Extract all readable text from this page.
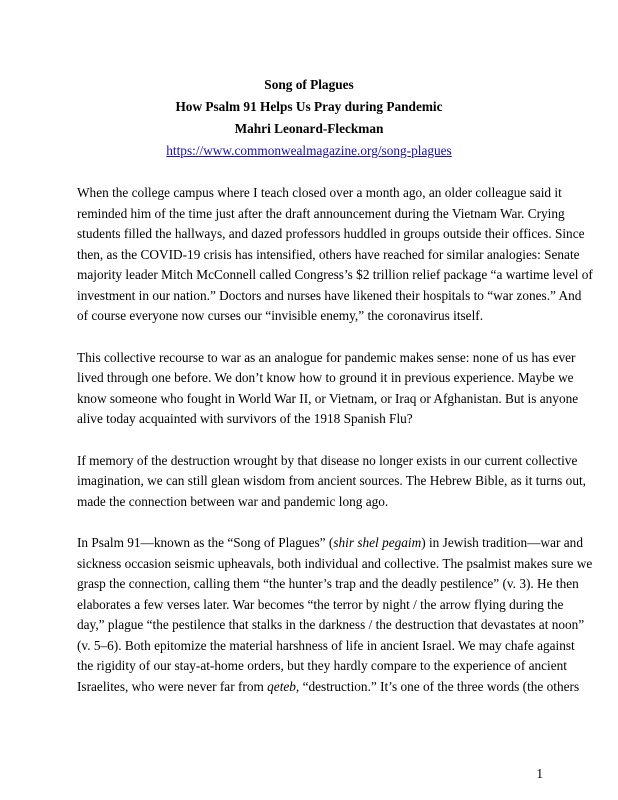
Song of Plagues
How Psalm 91 Helps Us Pray during Pandemic
Mahri Leonard-Fleckman
https://www.commonwealmagazine.org/song-plagues
When the college campus where I teach closed over a month ago, an older colleague said it
reminded him of the time just after the draft announcement during the Vietnam War. Crying
students filled the hallways, and dazed professors huddled in groups outside their offices. Since
then, as the COVID-19 crisis has intensified, others have reached for similar analogies: Senate
majority leader Mitch McConnell called Congress’s $2 trillion relief package “a wartime level of
investment in our nation.” Doctors and nurses have likened their hospitals to “war zones.” And
of course everyone now curses our “invisible enemy,” the coronavirus itself.
This collective recourse to war as an analogue for pandemic makes sense: none of us has ever
lived through one before. We don’t know how to ground it in previous experience. Maybe we
know someone who fought in World War II, or Vietnam, or Iraq or Afghanistan. But is anyone
alive today acquainted with survivors of the 1918 Spanish Flu?
If memory of the destruction wrought by that disease no longer exists in our current collective
imagination, we can still glean wisdom from ancient sources. The Hebrew Bible, as it turns out,
made the connection between war and pandemic long ago.
In Psalm 91—known as the “Song of Plagues” (shir shel pegaim) in Jewish tradition—war and
sickness occasion seismic upheavals, both individual and collective. The psalmist makes sure we
grasp the connection, calling them “the hunter’s trap and the deadly pestilence” (v. 3). He then
elaborates a few verses later. War becomes “the terror by night / the arrow flying during the
day,” plague “the pestilence that stalks in the darkness / the destruction that devastates at noon”
(v. 5–6). Both epitomize the material harshness of life in ancient Israel. We may chafe against
the rigidity of our stay-at-home orders, but they hardly compare to the experience of ancient
Israelites, who were never far from qeteb, “destruction.” It’s one of the three words (the others
1
